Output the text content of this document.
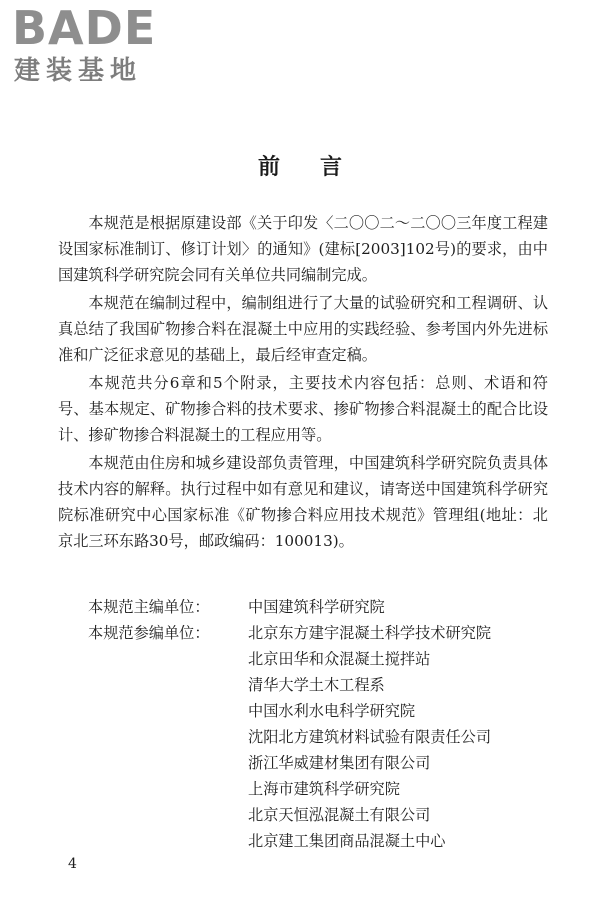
BADE
建装基地
前言

本规范是根据原建设部《关于印发〈二〇〇二～二〇〇三年度工程建设国家标准制订、修订计划〉的通知》(建标[2003]102号)的要求，由中国建筑科学研究院会同有关单位共同编制完成。

本规范在编制过程中，编制组进行了大量的试验研究和工程调研、认真总结了我国矿物掺合料在混凝土中应用的实践经验、参考国内外先进标准和广泛征求意见的基础上，最后经审查定稿。

本规范共分6章和5个附录，主要技术内容包括：总则、术语和符号、基本规定、矿物掺合料的技术要求、掺矿物掺合料混凝土的配合比设计、掺矿物掺合料混凝土的工程应用等。

本规范由住房和城乡建设部负责管理，中国建筑科学研究院负责具体技术内容的解释。执行过程中如有意见和建议，请寄送中国建筑科学研究院标准研究中心国家标准《矿物掺合料应用技术规范》管理组(地址：北京北三环东路30号，邮政编码：100013)。

本规范主编单位：	中国建筑科学研究院
本规范参编单位：	北京东方建宇混凝土科学技术研究院
北京田华和众混凝土搅拌站
清华大学土木工程系
中国水利水电科学研究院
沈阳北方建筑材料试验有限责任公司
浙江华威建材集团有限公司
上海市建筑科学研究院
北京天恒泓混凝土有限公司
北京建工集团商品混凝土中心
4
